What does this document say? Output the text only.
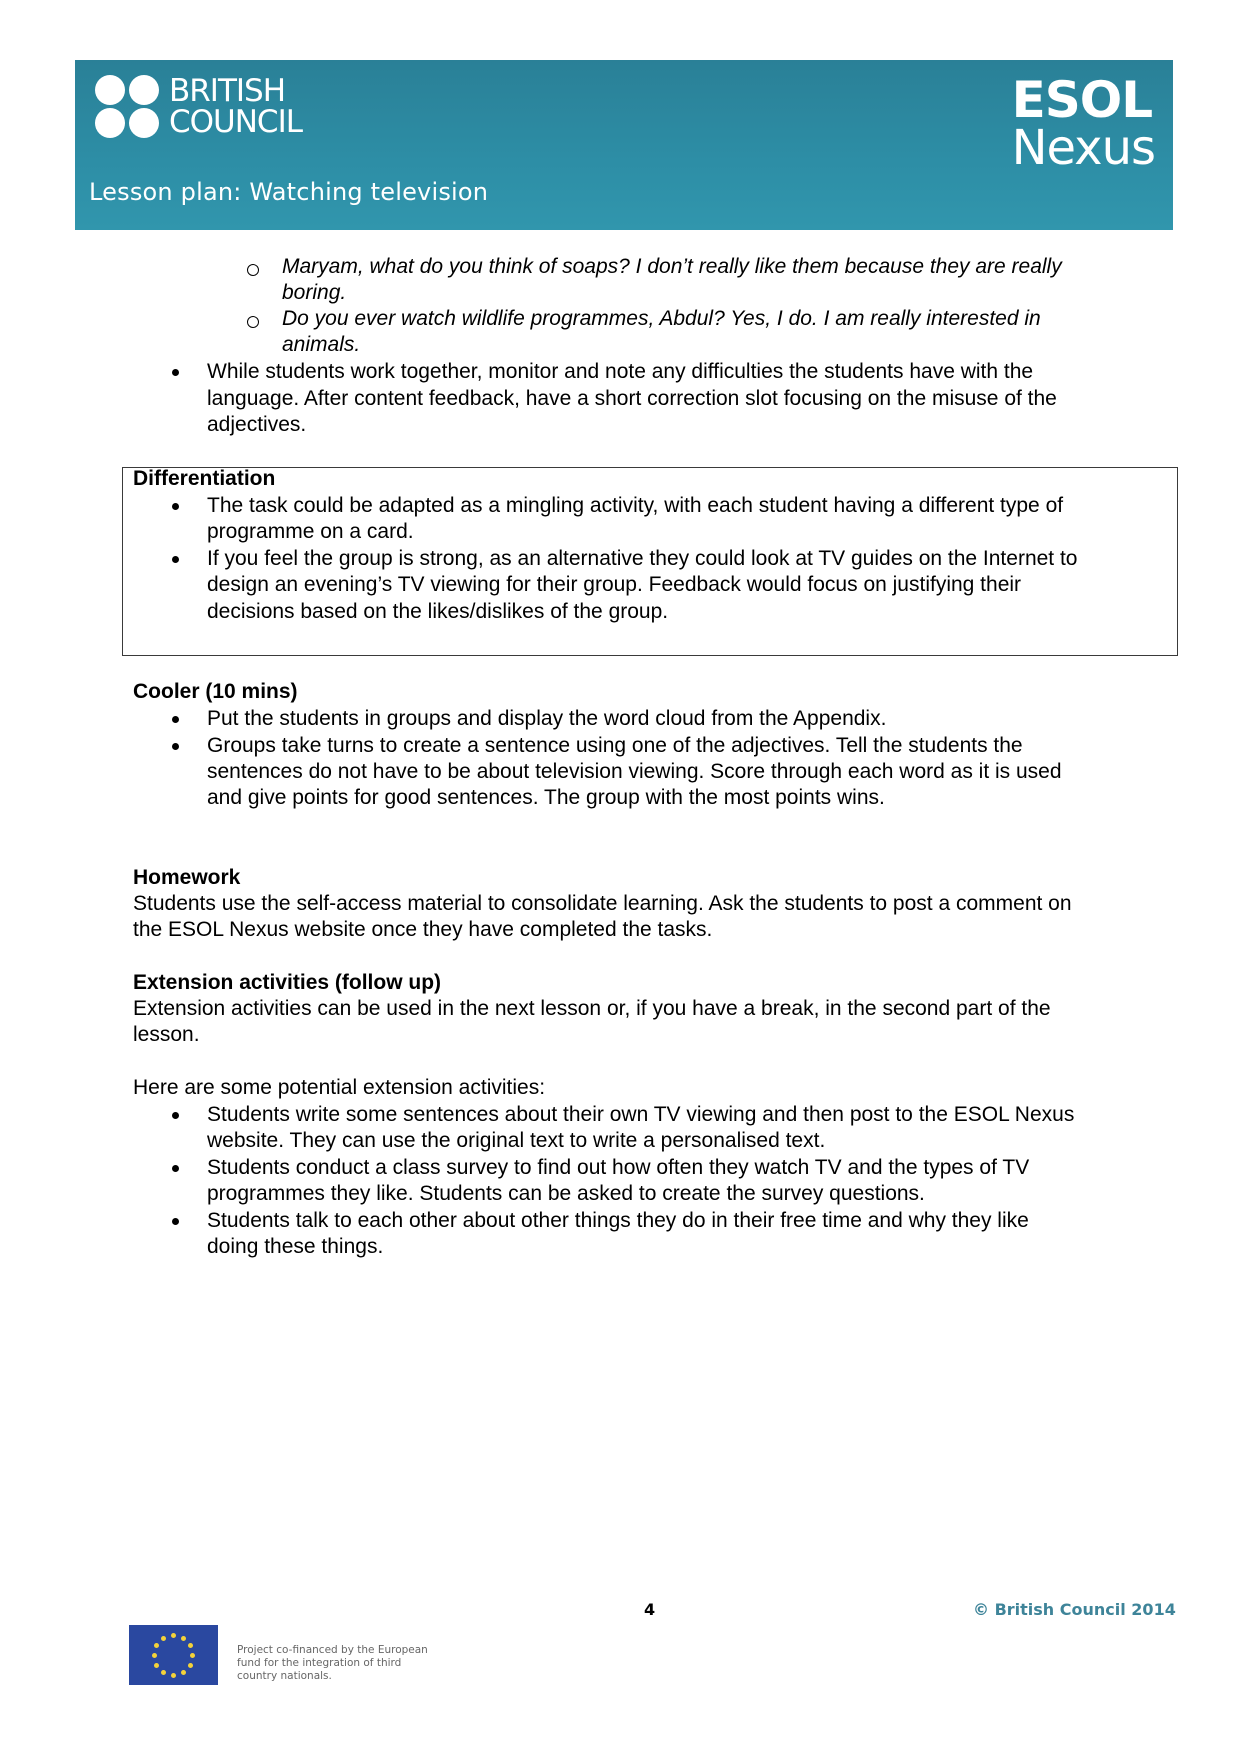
BRITISH
COUNCIL
Lesson plan: Watching television
ESOL
Nexus
Maryam, what do you think of soaps? I don’t really like them because they are really
boring.
Do you ever watch wildlife programmes, Abdul? Yes, I do. I am really interested in
animals.
While students work together, monitor and note any difficulties the students have with the
language. After content feedback, have a short correction slot focusing on the misuse of the
adjectives.
Differentiation
The task could be adapted as a mingling activity, with each student having a different type of
programme on a card.
If you feel the group is strong, as an alternative they could look at TV guides on the Internet to
design an evening’s TV viewing for their group. Feedback would focus on justifying their
decisions based on the likes/dislikes of the group.
Cooler (10 mins)
Put the students in groups and display the word cloud from the Appendix.
Groups take turns to create a sentence using one of the adjectives. Tell the students the
sentences do not have to be about television viewing. Score through each word as it is used
and give points for good sentences. The group with the most points wins.
Homework
Students use the self-access material to consolidate learning. Ask the students to post a comment on
the ESOL Nexus website once they have completed the tasks.
Extension activities (follow up)
Extension activities can be used in the next lesson or, if you have a break, in the second part of the
lesson.
Here are some potential extension activities:
Students write some sentences about their own TV viewing and then post to the ESOL Nexus
website. They can use the original text to write a personalised text.
Students conduct a class survey to find out how often they watch TV and the types of TV
programmes they like. Students can be asked to create the survey questions.
Students talk to each other about other things they do in their free time and why they like
doing these things.
4	© British Council 2014
Project co-financed by the European
fund for the integration of third
country nationals.
